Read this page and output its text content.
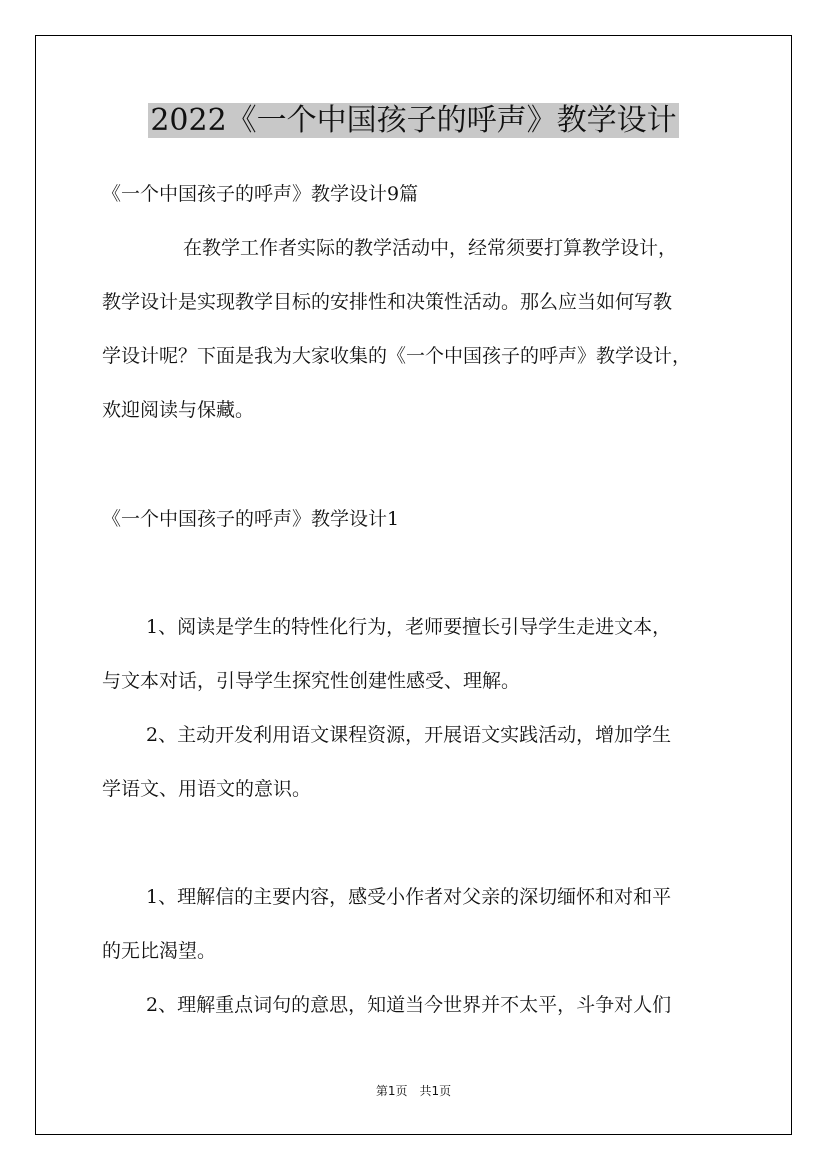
2022《一个中国孩子的呼声》教学设计

《一个中国孩子的呼声》教学设计9篇

在教学工作者实际的教学活动中，经常须要打算教学设计，

教学设计是实现教学目标的安排性和决策性活动。那么应当如何写教

学设计呢？下面是我为大家收集的《一个中国孩子的呼声》教学设计，

欢迎阅读与保藏。

《一个中国孩子的呼声》教学设计1

1、阅读是学生的特性化行为，老师要擅长引导学生走进文本，

与文本对话，引导学生探究性创建性感受、理解。

2、主动开发利用语文课程资源，开展语文实践活动，增加学生

学语文、用语文的意识。

1、理解信的主要内容，感受小作者对父亲的深切缅怀和对和平

的无比渴望。

2、理解重点词句的意思，知道当今世界并不太平，斗争对人们

第1页　共1页
